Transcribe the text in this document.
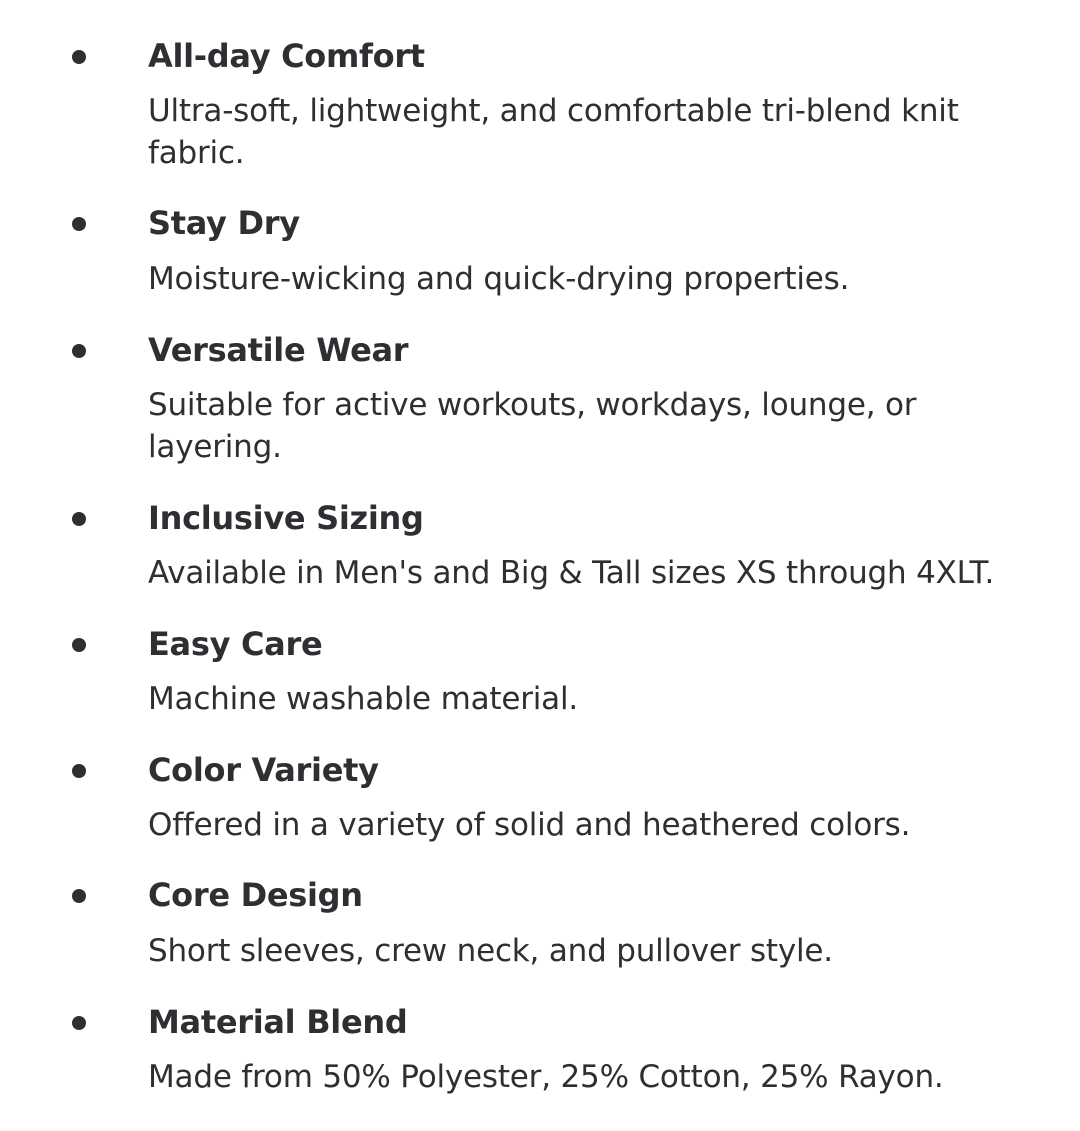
All-day Comfort
Ultra-soft, lightweight, and comfortable tri-blend knit fabric.
Stay Dry
Moisture-wicking and quick-drying properties.
Versatile Wear
Suitable for active workouts, workdays, lounge, or layering.
Inclusive Sizing
Available in Men's and Big & Tall sizes XS through 4XLT.
Easy Care
Machine washable material.
Color Variety
Offered in a variety of solid and heathered colors.
Core Design
Short sleeves, crew neck, and pullover style.
Material Blend
Made from 50% Polyester, 25% Cotton, 25% Rayon.
